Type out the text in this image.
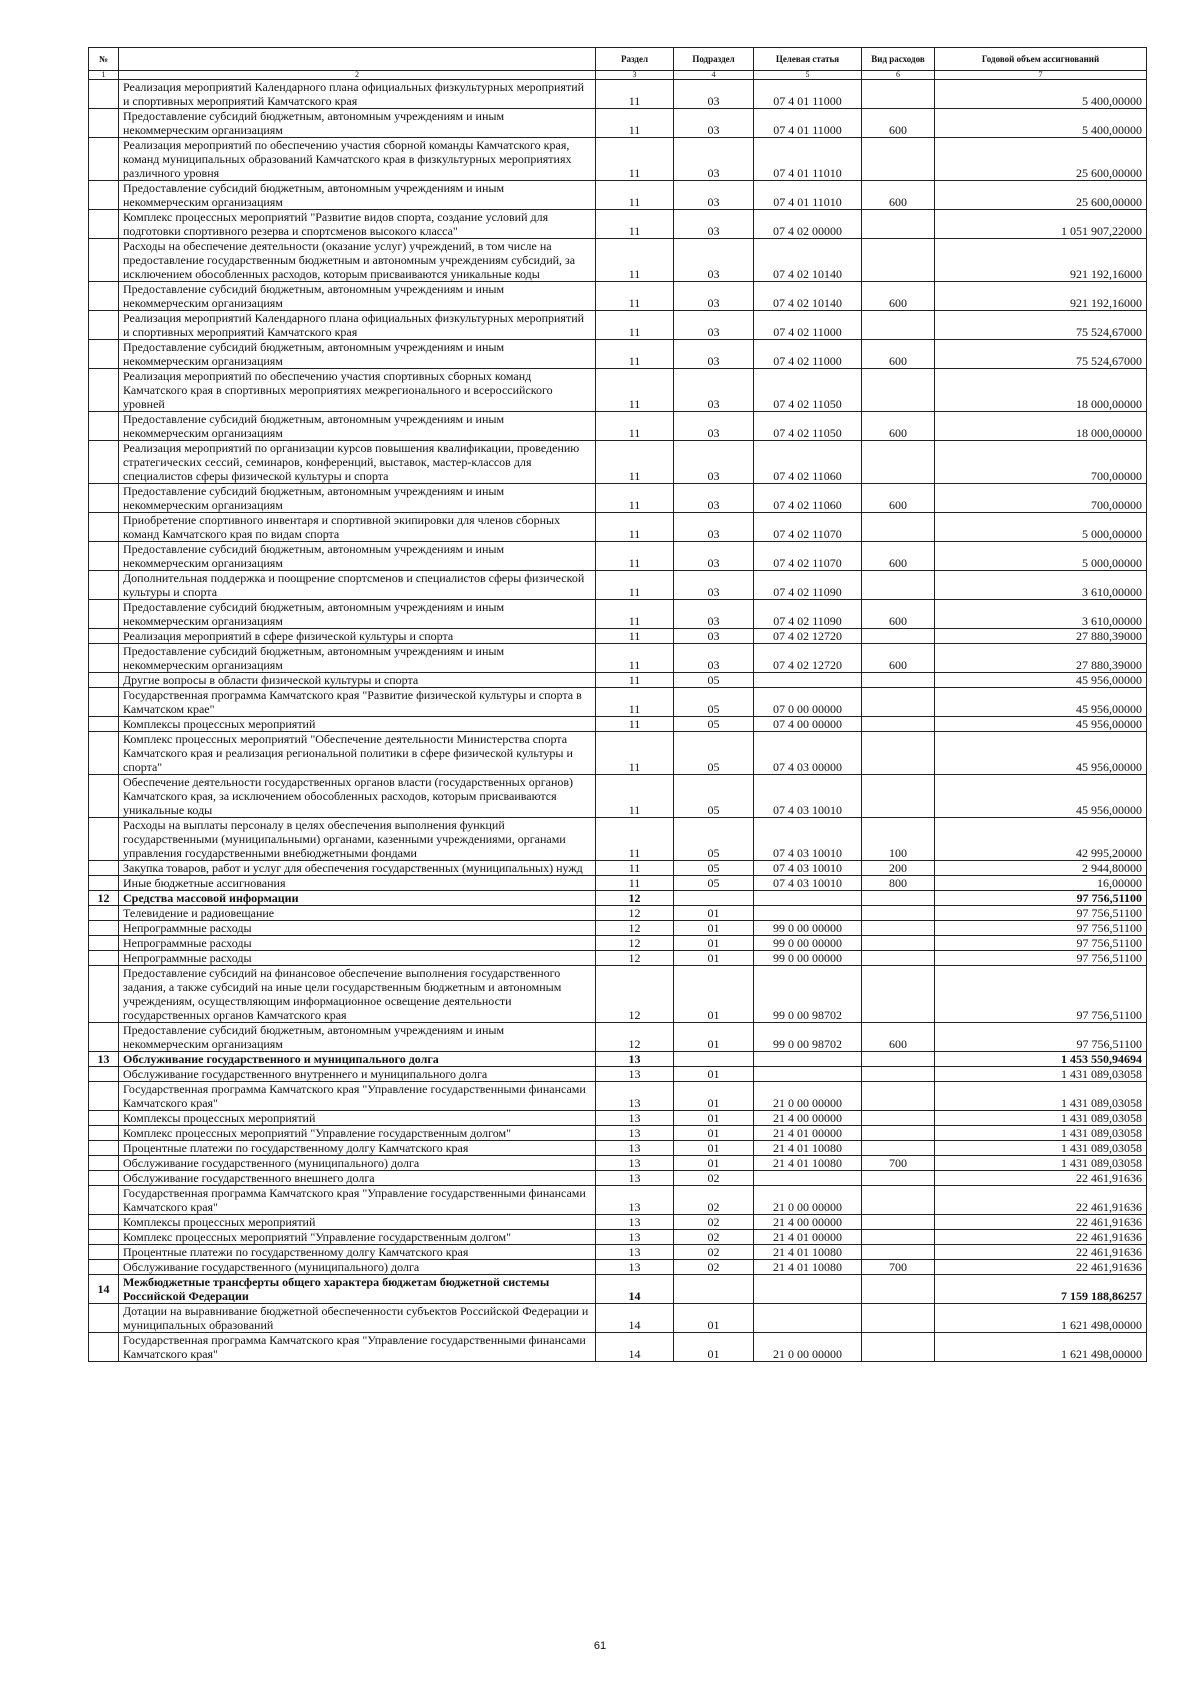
№		Раздел	Подраздел	Целевая статья	Вид расходов	Годовой объем ассигнований
1	2	3	4	5	6	7
	Реализация мероприятий Календарного плана официальных физкультурных мероприятий и спортивных мероприятий Камчатского края	11	03	07 4 01 11000		5 400,00000
	Предоставление субсидий бюджетным, автономным учреждениям и иным некоммерческим организациям	11	03	07 4 01 11000	600	5 400,00000
	Реализация мероприятий по обеспечению участия сборной команды Камчатского края, команд муниципальных образований Камчатского края в физкультурных мероприятиях различного уровня	11	03	07 4 01 11010		25 600,00000
	Предоставление субсидий бюджетным, автономным учреждениям и иным некоммерческим организациям	11	03	07 4 01 11010	600	25 600,00000
	Комплекс процессных мероприятий "Развитие видов спорта, создание условий для подготовки спортивного резерва и спортсменов высокого класса"	11	03	07 4 02 00000		1 051 907,22000
	Расходы на обеспечение деятельности (оказание услуг) учреждений, в том числе на предоставление государственным бюджетным и автономным учреждениям субсидий, за исключением обособленных расходов, которым присваиваются уникальные коды	11	03	07 4 02 10140		921 192,16000
	Предоставление субсидий бюджетным, автономным учреждениям и иным некоммерческим организациям	11	03	07 4 02 10140	600	921 192,16000
	Реализация мероприятий Календарного плана официальных физкультурных мероприятий и спортивных мероприятий Камчатского края	11	03	07 4 02 11000		75 524,67000
	Предоставление субсидий бюджетным, автономным учреждениям и иным некоммерческим организациям	11	03	07 4 02 11000	600	75 524,67000
	Реализация мероприятий по обеспечению участия спортивных сборных команд Камчатского края в спортивных мероприятиях межрегионального и всероссийского уровней	11	03	07 4 02 11050		18 000,00000
	Предоставление субсидий бюджетным, автономным учреждениям и иным некоммерческим организациям	11	03	07 4 02 11050	600	18 000,00000
	Реализация мероприятий по организации курсов повышения квалификации, проведению стратегических сессий, семинаров, конференций, выставок, мастер-классов для специалистов сферы физической культуры и спорта	11	03	07 4 02 11060		700,00000
	Предоставление субсидий бюджетным, автономным учреждениям и иным некоммерческим организациям	11	03	07 4 02 11060	600	700,00000
	Приобретение спортивного инвентаря и спортивной экипировки для членов сборных команд Камчатского края по видам спорта	11	03	07 4 02 11070		5 000,00000
	Предоставление субсидий бюджетным, автономным учреждениям и иным некоммерческим организациям	11	03	07 4 02 11070	600	5 000,00000
	Дополнительная поддержка и поощрение спортсменов и специалистов сферы физической культуры и спорта	11	03	07 4 02 11090		3 610,00000
	Предоставление субсидий бюджетным, автономным учреждениям и иным некоммерческим организациям	11	03	07 4 02 11090	600	3 610,00000
	Реализация мероприятий в сфере физической культуры и спорта	11	03	07 4 02 12720		27 880,39000
	Предоставление субсидий бюджетным, автономным учреждениям и иным некоммерческим организациям	11	03	07 4 02 12720	600	27 880,39000
	Другие вопросы в области физической культуры и спорта	11	05			45 956,00000
	Государственная программа Камчатского края "Развитие физической культуры и спорта в Камчатском крае"	11	05	07 0 00 00000		45 956,00000
	Комплексы процессных мероприятий	11	05	07 4 00 00000		45 956,00000
	Комплекс процессных мероприятий "Обеспечение деятельности Министерства спорта Камчатского края и реализация региональной политики в сфере физической культуры и спорта"	11	05	07 4 03 00000		45 956,00000
	Обеспечение деятельности государственных органов власти (государственных органов) Камчатского края, за исключением обособленных расходов, которым присваиваются уникальные коды	11	05	07 4 03 10010		45 956,00000
	Расходы на выплаты персоналу в целях обеспечения выполнения функций государственными (муниципальными) органами, казенными учреждениями, органами управления государственными внебюджетными фондами	11	05	07 4 03 10010	100	42 995,20000
	Закупка товаров, работ и услуг для обеспечения государственных (муниципальных) нужд	11	05	07 4 03 10010	200	2 944,80000
	Иные бюджетные ассигнования	11	05	07 4 03 10010	800	16,00000
12	Средства массовой информации	12				97 756,51100
	Телевидение и радиовещание	12	01			97 756,51100
	Непрограммные расходы	12	01	99 0 00 00000		97 756,51100
	Непрограммные расходы	12	01	99 0 00 00000		97 756,51100
	Непрограммные расходы	12	01	99 0 00 00000		97 756,51100
	Предоставление субсидий на финансовое обеспечение выполнения государственного задания, а также субсидий на иные цели государственным бюджетным и автономным учреждениям, осуществляющим информационное освещение деятельности государственных органов Камчатского края	12	01	99 0 00 98702		97 756,51100
	Предоставление субсидий бюджетным, автономным учреждениям и иным некоммерческим организациям	12	01	99 0 00 98702	600	97 756,51100
13	Обслуживание государственного и муниципального долга	13				1 453 550,94694
	Обслуживание государственного внутреннего и муниципального долга	13	01			1 431 089,03058
	Государственная программа Камчатского края "Управление государственными финансами Камчатского края"	13	01	21 0 00 00000		1 431 089,03058
	Комплексы процессных мероприятий	13	01	21 4 00 00000		1 431 089,03058
	Комплекс процессных мероприятий "Управление государственным долгом"	13	01	21 4 01 00000		1 431 089,03058
	Процентные платежи по государственному долгу Камчатского края	13	01	21 4 01 10080		1 431 089,03058
	Обслуживание государственного (муниципального) долга	13	01	21 4 01 10080	700	1 431 089,03058
	Обслуживание государственного внешнего долга	13	02			22 461,91636
	Государственная программа Камчатского края "Управление государственными финансами Камчатского края"	13	02	21 0 00 00000		22 461,91636
	Комплексы процессных мероприятий	13	02	21 4 00 00000		22 461,91636
	Комплекс процессных мероприятий "Управление государственным долгом"	13	02	21 4 01 00000		22 461,91636
	Процентные платежи по государственному долгу Камчатского края	13	02	21 4 01 10080		22 461,91636
	Обслуживание государственного (муниципального) долга	13	02	21 4 01 10080	700	22 461,91636
14	Межбюджетные трансферты общего характера бюджетам бюджетной системы Российской Федерации	14				7 159 188,86257
	Дотации на выравнивание бюджетной обеспеченности субъектов Российской Федерации и муниципальных образований	14	01			1 621 498,00000
	Государственная программа Камчатского края "Управление государственными финансами Камчатского края"	14	01	21 0 00 00000		1 621 498,00000
61
